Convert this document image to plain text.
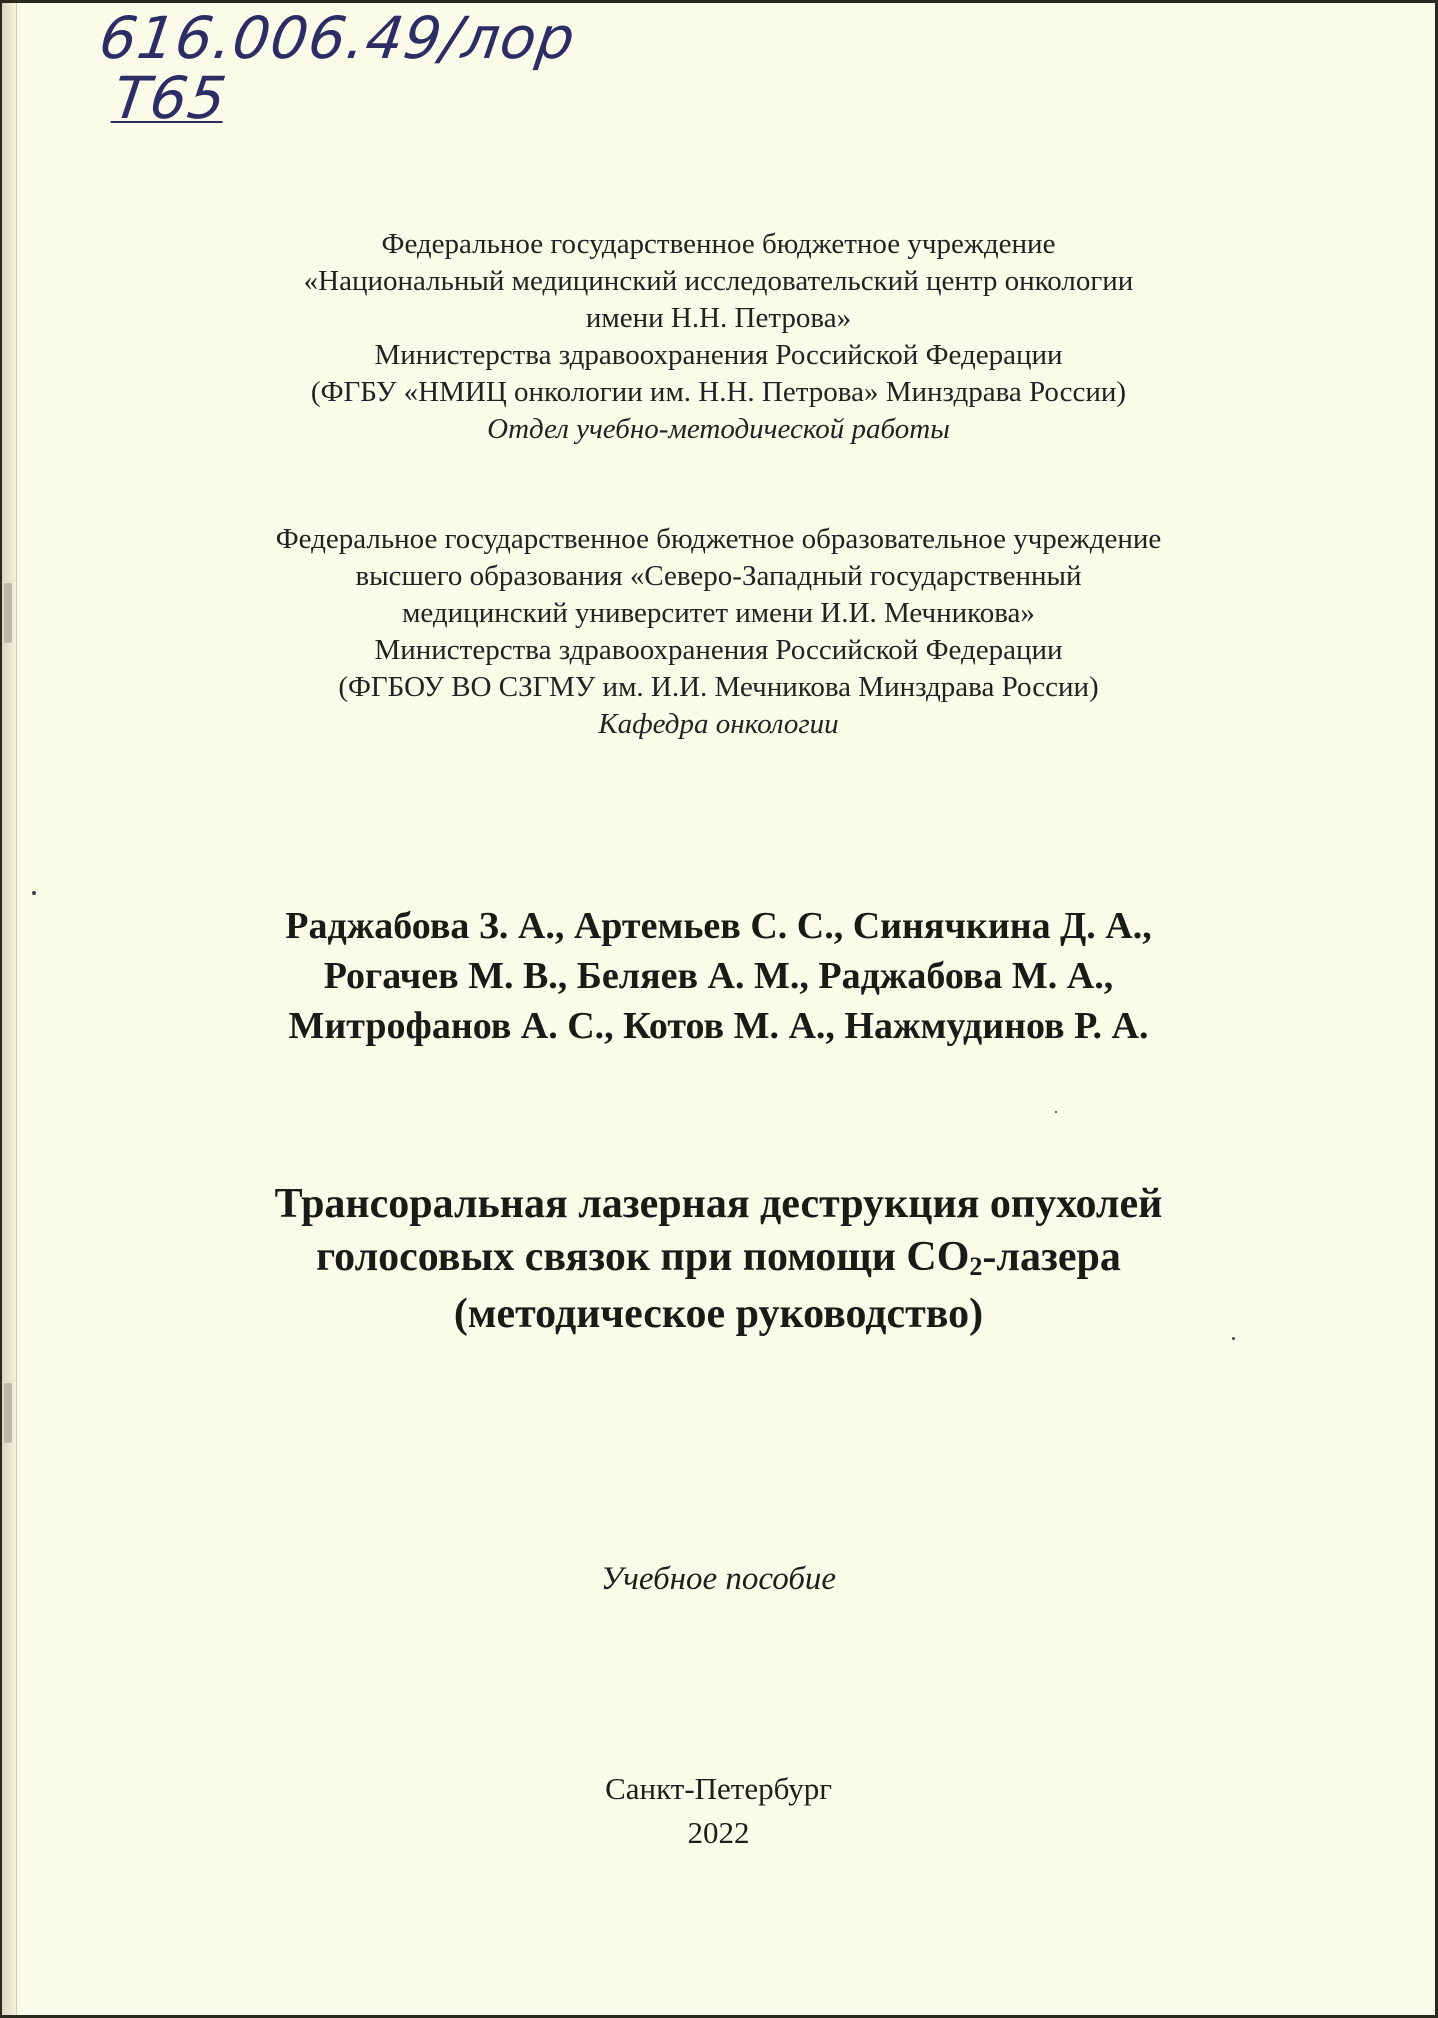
616.006.49/лор
Т65
Федеральное государственное бюджетное учреждение
«Национальный медицинский исследовательский центр онкологии
имени Н.Н. Петрова»
Министерства здравоохранения Российской Федерации
(ФГБУ «НМИЦ онкологии им. Н.Н. Петрова» Минздрава России)
Отдел учебно-методической работы
Федеральное государственное бюджетное образовательное учреждение
высшего образования «Северо-Западный государственный
медицинский университет имени И.И. Мечникова»
Министерства здравоохранения Российской Федерации
(ФГБОУ ВО СЗГМУ им. И.И. Мечникова Минздрава России)
Кафедра онкологии
Раджабова З. А., Артемьев С. С., Синячкина Д. А.,
Рогачев М. В., Беляев А. М., Раджабова М. А.,
Митрофанов А. С., Котов М. А., Нажмудинов Р. А.
Трансоральная лазерная деструкция опухолей
голосовых связок при помощи $CO_2$-лазера
(методическое руководство)
Учебное пособие
Санкт-Петербург
2022
